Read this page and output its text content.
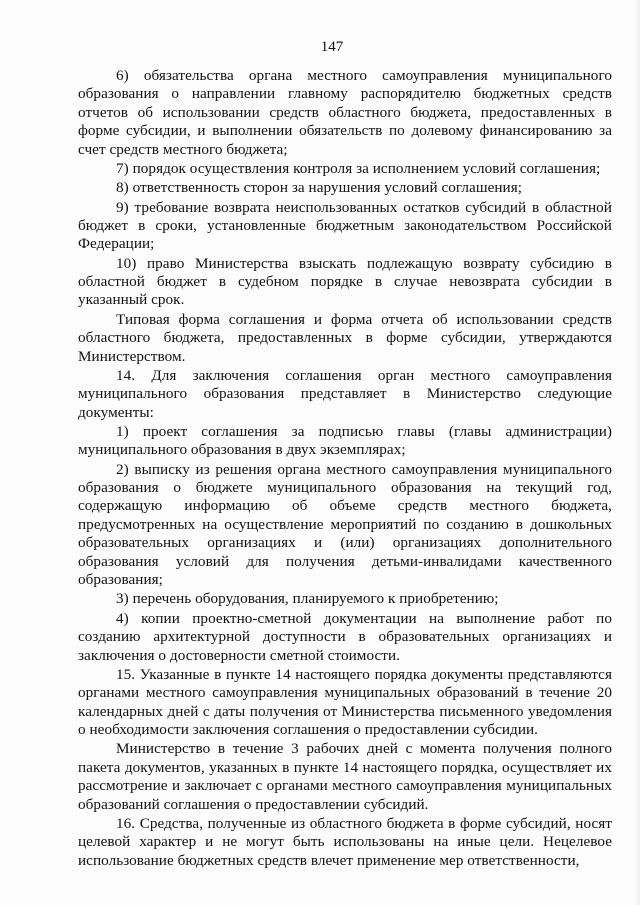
147

6) обязательства органа местного самоуправления муниципального образования о направлении главному распорядителю бюджетных средств отчетов об использовании средств областного бюджета, предоставленных в форме субсидии, и выполнении обязательств по долевому финансированию за счет средств местного бюджета;

7) порядок осуществления контроля за исполнением условий соглашения;

8) ответственность сторон за нарушения условий соглашения;

9) требование возврата неиспользованных остатков субсидий в областной бюджет в сроки, установленные бюджетным законодательством Российской Федерации;

10) право Министерства взыскать подлежащую возврату субсидию в областной бюджет в судебном порядке в случае невозврата субсидии в указанный срок.

Типовая форма соглашения и форма отчета об использовании средств областного бюджета, предоставленных в форме субсидии, утверждаются Министерством.

14. Для заключения соглашения орган местного самоуправления муниципального образования представляет в Министерство следующие документы:

1) проект соглашения за подписью главы (главы администрации) муниципального образования в двух экземплярах;

2) выписку из решения органа местного самоуправления муниципального образования о бюджете муниципального образования на текущий год, содержащую информацию об объеме средств местного бюджета, предусмотренных на осуществление мероприятий по созданию в дошкольных образовательных организациях и (или) организациях дополнительного образования условий для получения детьми-инвалидами качественного образования;

3) перечень оборудования, планируемого к приобретению;

4) копии проектно-сметной документации на выполнение работ по созданию архитектурной доступности в образовательных организациях и заключения о достоверности сметной стоимости.

15. Указанные в пункте 14 настоящего порядка документы представляются органами местного самоуправления муниципальных образований в течение 20 календарных дней с даты получения от Министерства письменного уведомления о необходимости заключения соглашения о предоставлении субсидии.

Министерство в течение 3 рабочих дней с момента получения полного пакета документов, указанных в пункте 14 настоящего порядка, осуществляет их рассмотрение и заключает с органами местного самоуправления муниципальных образований соглашения о предоставлении субсидий.

16. Средства, полученные из областного бюджета в форме субсидий, носят целевой характер и не могут быть использованы на иные цели. Нецелевое использование бюджетных средств влечет применение мер ответственности,
